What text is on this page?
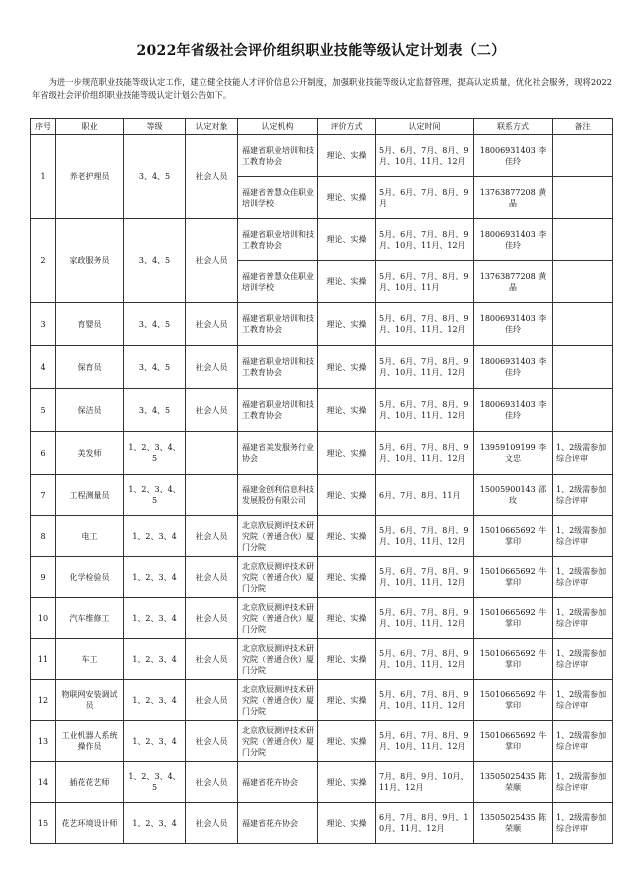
2022年省级社会评价组织职业技能等级认定计划表（二）
为进一步规范职业技能等级认定工作，建立健全技能人才评价信息公开制度，加强职业技能等级认定监督管理，提高认定质量，优化社会服务，现将2022年省级社会评价组织职业技能等级认定计划公告如下。
序号	职业	等级	认定对象	认定机构	评价方式	认定时间	联系方式	备注
1	养老护理员	3、4、5	社会人员	福建省职业培训和技工教育协会	理论、实操	5月、6月、7月、8月、9月、10月、11月、12月	18006931403 李佳玲	
				福建省普慧众佳职业培训学校	理论、实操	5月、6月、7月、8月、9月	13763877208 黄晶	
2	家政服务员	3、4、5	社会人员	福建省职业培训和技工教育协会	理论、实操	5月、6月、7月、8月、9月、10月、11月、12月	18006931403 李佳玲	
				福建省普慧众佳职业培训学校	理论、实操	5月、6月、7月、8月、9月、10月、11月	13763877208 黄晶	
3	育婴员	3、4、5	社会人员	福建省职业培训和技工教育协会	理论、实操	5月、6月、7月、8月、9月、10月、11月、12月	18006931403 李佳玲	
4	保育员	3、4、5	社会人员	福建省职业培训和技工教育协会	理论、实操	5月、6月、7月、8月、9月、10月、11月、12月	18006931403 李佳玲	
5	保洁员	3、4、5	社会人员	福建省职业培训和技工教育协会	理论、实操	5月、6月、7月、8月、9月、10月、11月、12月	18006931403 李佳玲	
6	美发师	1、2、3、4、5		福建省美发服务行业协会	理论、实操	5月、6月、7月、8月、9月、10月、11月、12月	13959109199 李文忠	1、2级需参加综合评审
7	工程测量员	1、2、3、4、5		福建金创利信息科技发展股份有限公司	理论、实操	6月、7月、8月、11月	15005900143 邵玫	1、2级需参加综合评审
8	电工	1、2、3、4	社会人员	北京欣辰测评技术研究院（普通合伙）厦门分院	理论、实操	5月、6月、7月、8月、9月、10月、11月、12月	15010665692 牛掌印	1、2级需参加综合评审
9	化学检验员	1、2、3、4	社会人员	北京欣辰测评技术研究院（普通合伙）厦门分院	理论、实操	5月、6月、7月、8月、9月、10月、11月、12月	15010665692 牛掌印	1、2级需参加综合评审
10	汽车维修工	1、2、3、4	社会人员	北京欣辰测评技术研究院（普通合伙）厦门分院	理论、实操	5月、6月、7月、8月、9月、10月、11月、12月	15010665692 牛掌印	1、2级需参加综合评审
11	车工	1、2、3、4	社会人员	北京欣辰测评技术研究院（普通合伙）厦门分院	理论、实操	5月、6月、7月、8月、9月、10月、11月、12月	15010665692 牛掌印	1、2级需参加综合评审
12	物联网安装调试员	1、2、3、4	社会人员	北京欣辰测评技术研究院（普通合伙）厦门分院	理论、实操	5月、6月、7月、8月、9月、10月、11月、12月	15010665692 牛掌印	1、2级需参加综合评审
13	工业机器人系统操作员	1、2、3、4	社会人员	北京欣辰测评技术研究院（普通合伙）厦门分院	理论、实操	5月、6月、7月、8月、9月、10月、11月、12月	15010665692 牛掌印	1、2级需参加综合评审
14	插花花艺师	1、2、3、4、5	社会人员	福建省花卉协会	理论、实操	7月、8月、9月、10月、11月、12月	13505025435 陈荣顺	1、2级需参加综合评审
15	花艺环境设计师	1、2、3、4	社会人员	福建省花卉协会	理论、实操	6月、7月、8月、9月、10月、11月、12月	13505025435 陈荣顺	1、2级需参加综合评审
